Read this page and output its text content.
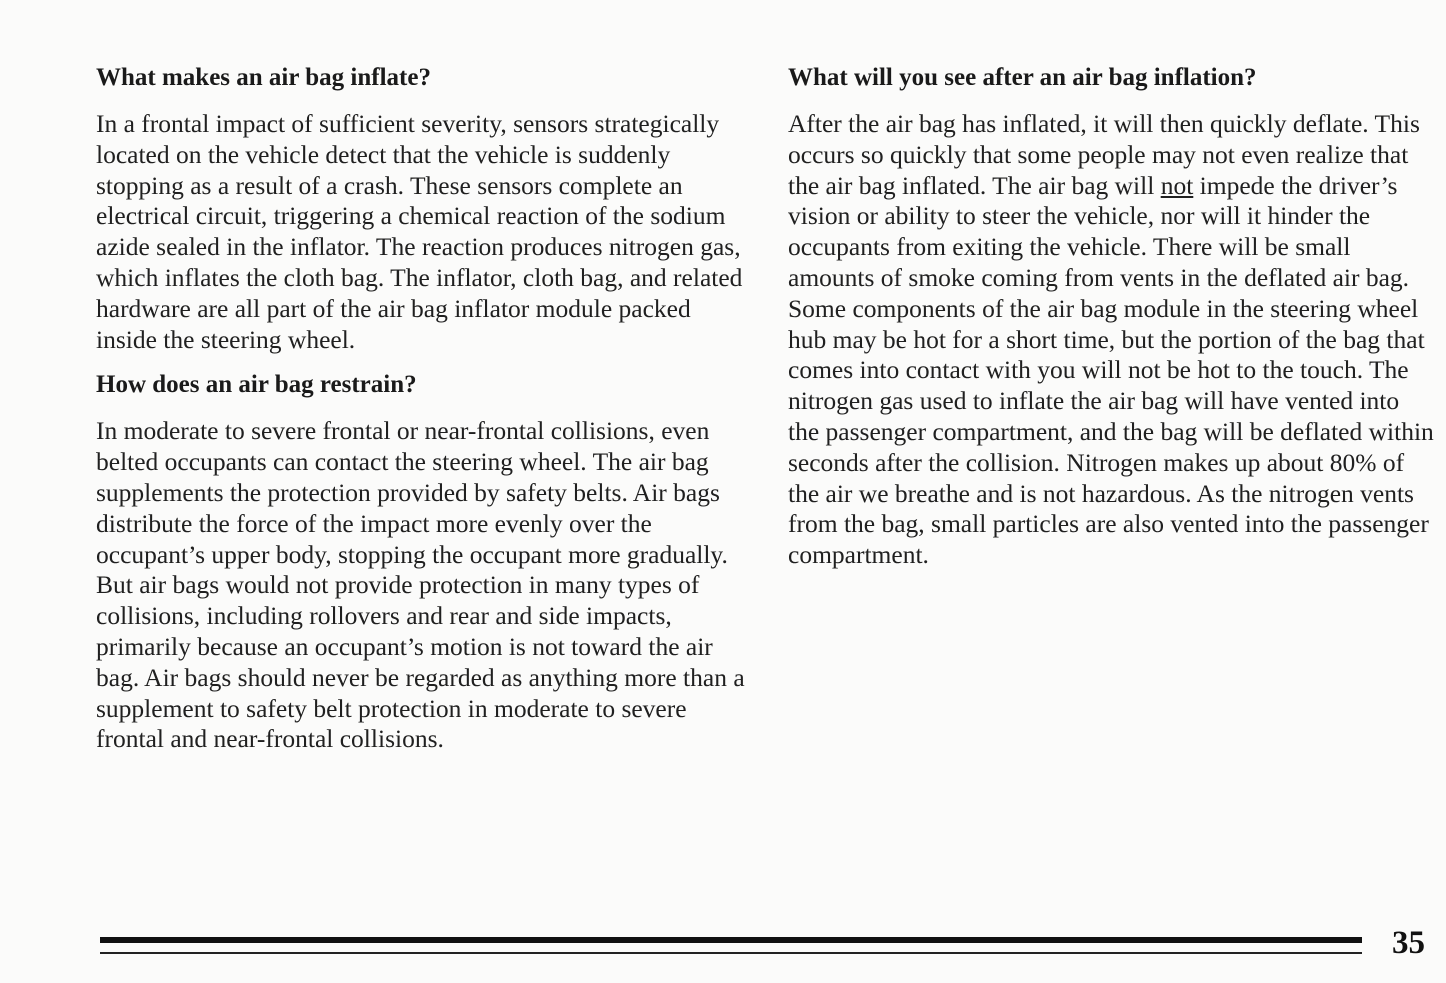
What makes an air bag inflate?

In a frontal impact of sufficient severity, sensors strategically located on the vehicle detect that the vehicle is suddenly stopping as a result of a crash. These sensors complete an electrical circuit, triggering a chemical reaction of the sodium azide sealed in the inflator. The reaction produces nitrogen gas, which inflates the cloth bag. The inflator, cloth bag, and related hardware are all part of the air bag inflator module packed inside the steering wheel.

How does an air bag restrain?

In moderate to severe frontal or near-frontal collisions, even belted occupants can contact the steering wheel. The air bag supplements the protection provided by safety belts. Air bags distribute the force of the impact more evenly over the occupant’s upper body, stopping the occupant more gradually. But air bags would not provide protection in many types of collisions, including rollovers and rear and side impacts, primarily because an occupant’s motion is not toward the air bag. Air bags should never be regarded as anything more than a supplement to safety belt protection in moderate to severe frontal and near-frontal collisions.

What will you see after an air bag inflation?

After the air bag has inflated, it will then quickly deflate. This occurs so quickly that some people may not even realize that the air bag inflated. The air bag will not impede the driver’s vision or ability to steer the vehicle, nor will it hinder the occupants from exiting the vehicle. There will be small amounts of smoke coming from vents in the deflated air bag. Some components of the air bag module in the steering wheel hub may be hot for a short time, but the portion of the bag that comes into contact with you will not be hot to the touch. The nitrogen gas used to inflate the air bag will have vented into the passenger compartment, and the bag will be deflated within seconds after the collision. Nitrogen makes up about 80% of the air we breathe and is not hazardous. As the nitrogen vents from the bag, small particles are also vented into the passenger compartment.

35
